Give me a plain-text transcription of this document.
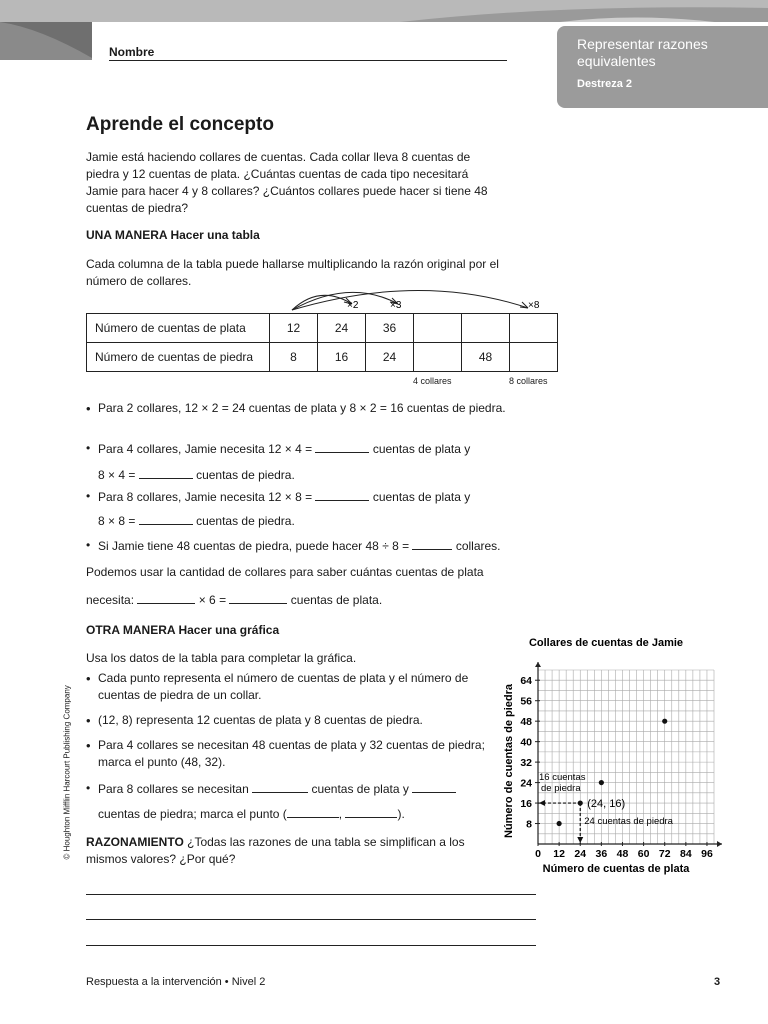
Nombre	Representar razones equivalentes
Destreza 2
Aprende el concepto
Jamie está haciendo collares de cuentas. Cada collar lleva 8 cuentas de piedra y 12 cuentas de plata. ¿Cuántas cuentas de cada tipo necesitará Jamie para hacer 4 y 8 collares? ¿Cuántos collares puede hacer si tiene 48 cuentas de piedra?
UNA MANERA Hacer una tabla
Cada columna de la tabla puede hallarse multiplicando la razón original por el número de collares.
×2	×3	×8
Número de cuentas de plata	12	24	36			
Número de cuentas de piedra	8	16	24		48	
4 collares	8 collares
• Para 2 collares, 12 × 2 = 24 cuentas de plata y 8 × 2 = 16 cuentas de piedra.
• Para 4 collares, Jamie necesita 12 × 4 =	cuentas de plata y
8 × 4 =	cuentas de piedra.
• Para 8 collares, Jamie necesita 12 × 8 =	cuentas de plata y
8 × 8 =	cuentas de piedra.
• Si Jamie tiene 48 cuentas de piedra, puede hacer 48 ÷ 8 =	collares.
Podemos usar la cantidad de collares para saber cuántas cuentas de plata
necesita:	× 6 =	cuentas de plata.
OTRA MANERA Hacer una gráfica
Usa los datos de la tabla para completar la gráfica.
• Cada punto representa el número de cuentas de plata y el número de cuentas de piedra de un collar.
• (12, 8) representa 12 cuentas de plata y 8 cuentas de piedra.
• Para 4 collares se necesitan 48 cuentas de plata y 32 cuentas de piedra; marca el punto (48, 32).
• Para 8 collares se necesitan	cuentas de plata y
cuentas de piedra; marca el punto (	,	).
RAZONAMIENTO ¿Todas las razones de una tabla se simplifican a los mismos valores? ¿Por qué?
Collares de cuentas de Jamie
0 12 24 36 48 60 72 84 96
8
16
24
32
40
48
56
64
Número de cuentas de plata
Número de cuentas de piedra	16 cuentas
de piedra
24 cuentas de piedra
(24, 16)
© Houghton Mifflin Harcourt Publishing Company
Respuesta a la intervención • Nivel 2	3
